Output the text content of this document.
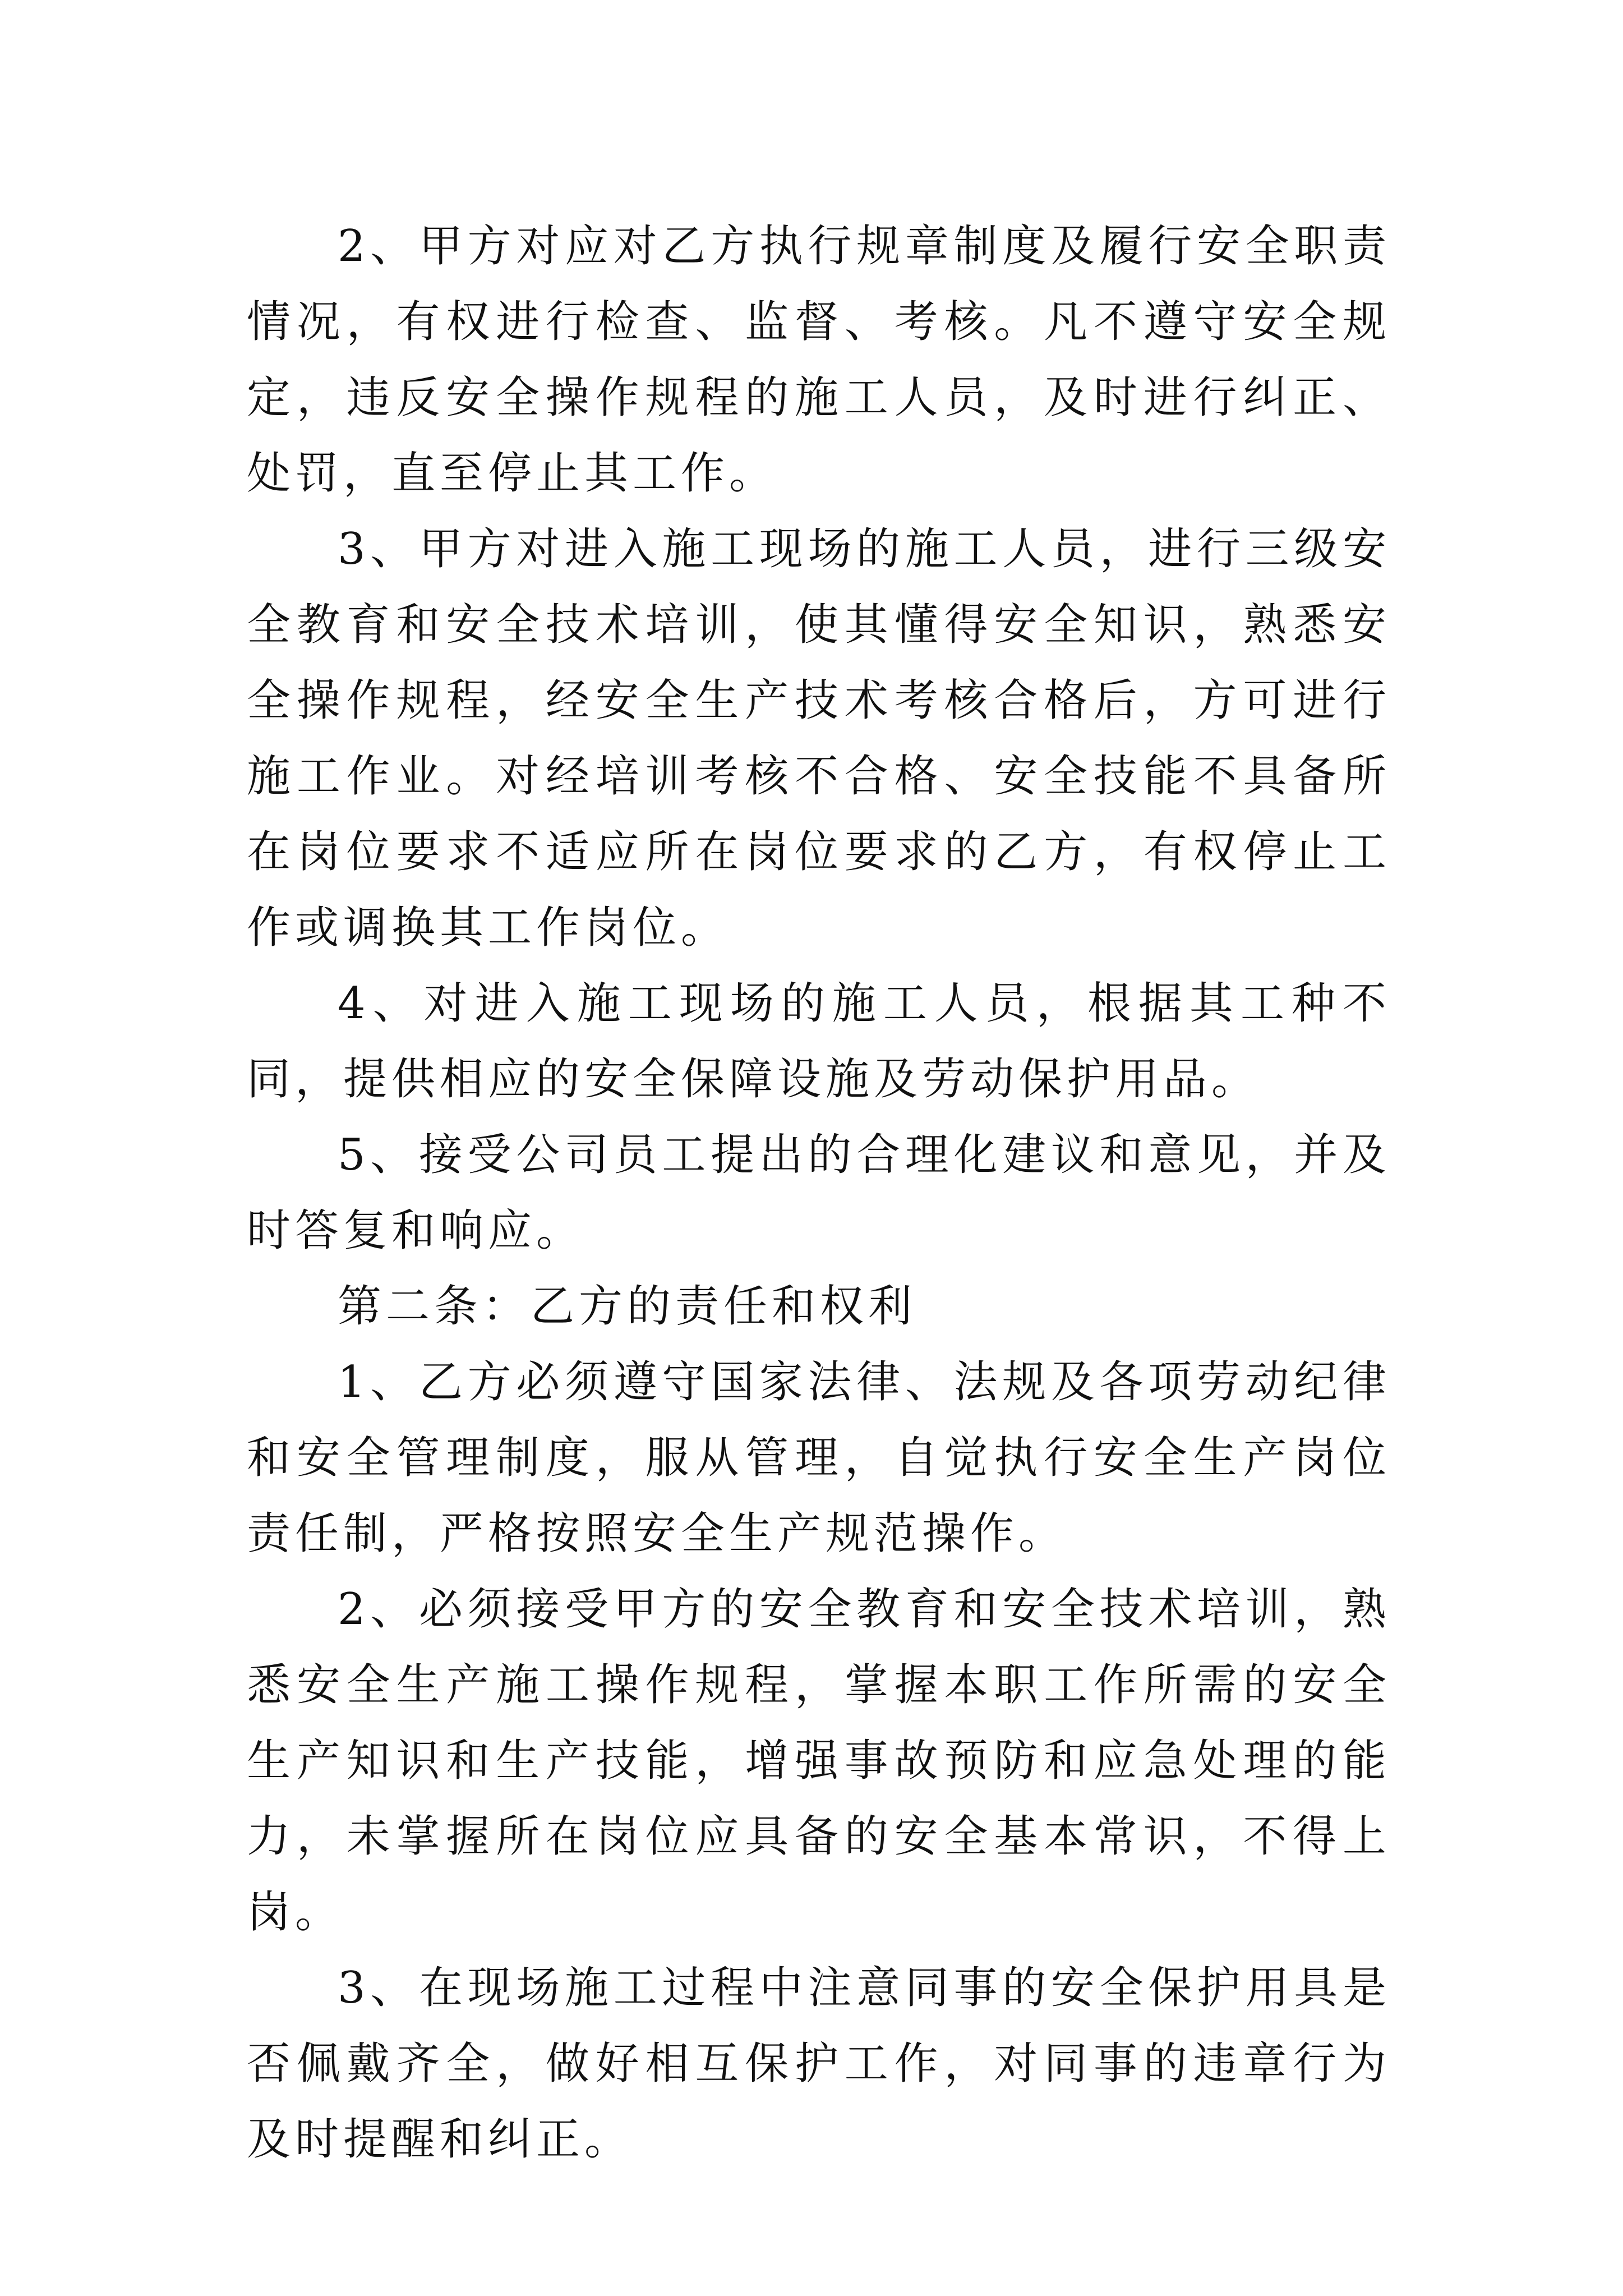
2、甲方对应对乙方执行规章制度及履行安全职责情况，有权进行检查、监督、考核。凡不遵守安全规定，违反安全操作规程的施工人员，及时进行纠正、处罚，直至停止其工作。

3、甲方对进入施工现场的施工人员，进行三级安全教育和安全技术培训，使其懂得安全知识，熟悉安全操作规程，经安全生产技术考核合格后，方可进行施工作业。对经培训考核不合格、安全技能不具备所在岗位要求不适应所在岗位要求的乙方，有权停止工作或调换其工作岗位。

4、对进入施工现场的施工人员，根据其工种不同，提供相应的安全保障设施及劳动保护用品。

5、接受公司员工提出的合理化建议和意见，并及时答复和响应。

第二条：乙方的责任和权利

1、乙方必须遵守国家法律、法规及各项劳动纪律和安全管理制度，服从管理，自觉执行安全生产岗位责任制，严格按照安全生产规范操作。

2、必须接受甲方的安全教育和安全技术培训，熟悉安全生产施工操作规程，掌握本职工作所需的安全生产知识和生产技能，增强事故预防和应急处理的能力，未掌握所在岗位应具备的安全基本常识，不得上岗。

3、在现场施工过程中注意同事的安全保护用具是否佩戴齐全，做好相互保护工作，对同事的违章行为及时提醒和纠正。
